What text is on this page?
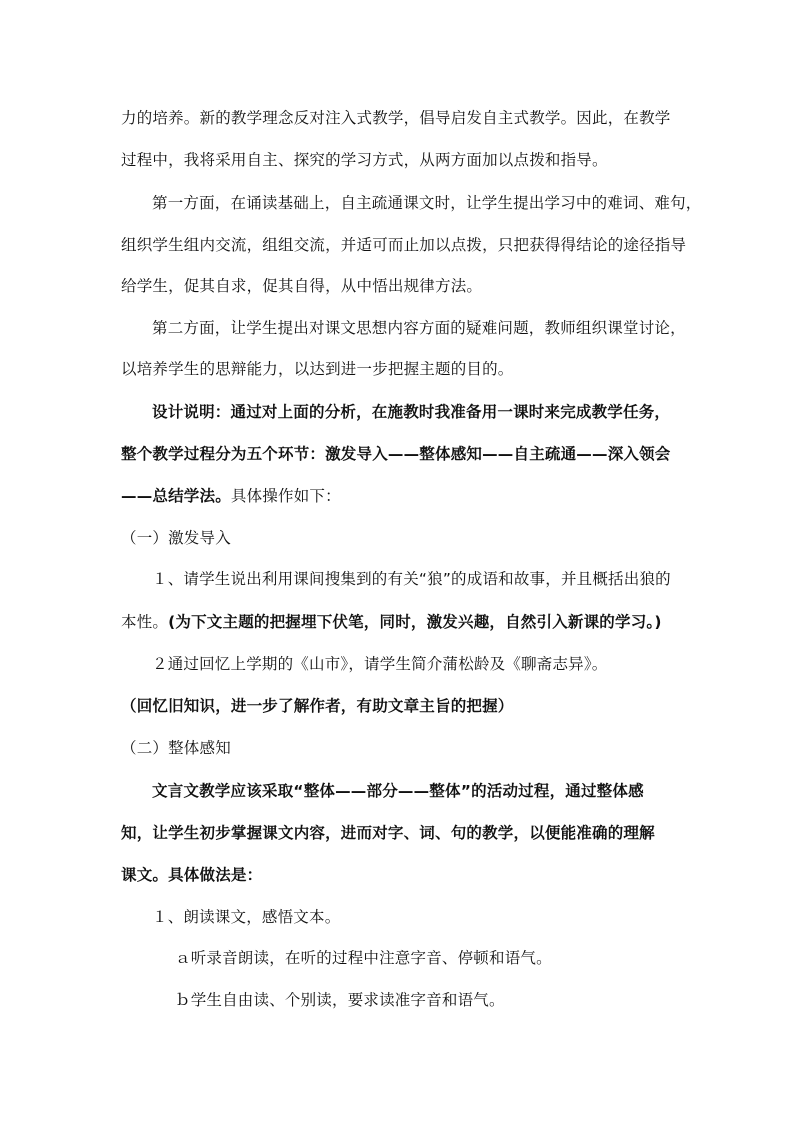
力的培养。新的教学理念反对注入式教学，倡导启发自主式教学。因此，在教学
过程中，我将采用自主、探究的学习方式，从两方面加以点拨和指导。
第一方面，在诵读基础上，自主疏通课文时，让学生提出学习中的难词、难句，
组织学生组内交流，组组交流，并适可而止加以点拨，只把获得得结论的途径指导
给学生，促其自求，促其自得，从中悟出规律方法。
第二方面，让学生提出对课文思想内容方面的疑难问题，教师组织课堂讨论，
以培养学生的思辩能力，以达到进一步把握主题的目的。
设计说明：通过对上面的分析，在施教时我准备用一课时来完成教学任务，
整个教学过程分为五个环节：激发导入——整体感知——自主疏通——深入领会
——总结学法。具体操作如下：
（一）激发导入
１、请学生说出利用课间搜集到的有关“狼”的成语和故事，并且概括出狼的
本性。(为下文主题的把握埋下伏笔，同时，激发兴趣，自然引入新课的学习。)
２通过回忆上学期的《山市》，请学生简介蒲松龄及《聊斋志异》。
（回忆旧知识，进一步了解作者，有助文章主旨的把握）
（二）整体感知
文言文教学应该采取“整体——部分——整体”的活动过程，通过整体感
知，让学生初步掌握课文内容，进而对字、词、句的教学，以便能准确的理解
课文。具体做法是：
１、朗读课文，感悟文本。
ａ听录音朗读，在听的过程中注意字音、停顿和语气。
ｂ学生自由读、个别读，要求读准字音和语气。
